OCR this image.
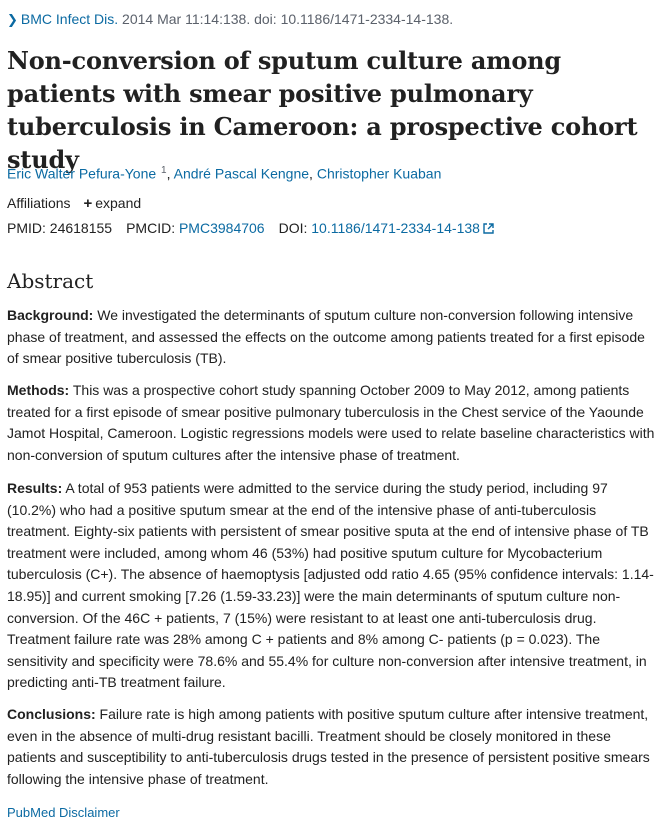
❯ BMC Infect Dis. 2014 Mar 11:14:138. doi: 10.1186/1471-2334-14-138.
Non-conversion of sputum culture among patients with smear positive pulmonary tuberculosis in Cameroon: a prospective cohort study
Eric Walter Pefura-Yone $^1$, André Pascal Kengne, Christopher Kuaban
Affiliations + expand
PMID: 24618155 PMCID: PMC3984706 DOI: 10.1186/1471-2334-14-138
Abstract

Background: We investigated the determinants of sputum culture non-conversion following intensive phase of treatment, and assessed the effects on the outcome among patients treated for a first episode of smear positive tuberculosis (TB).

Methods: This was a prospective cohort study spanning October 2009 to May 2012, among patients treated for a first episode of smear positive pulmonary tuberculosis in the Chest service of the Yaounde Jamot Hospital, Cameroon. Logistic regressions models were used to relate baseline characteristics with non-conversion of sputum cultures after the intensive phase of treatment.

Results: A total of 953 patients were admitted to the service during the study period, including 97 (10.2%) who had a positive sputum smear at the end of the intensive phase of anti-tuberculosis treatment. Eighty-six patients with persistent of smear positive sputa at the end of intensive phase of TB treatment were included, among whom 46 (53%) had positive sputum culture for Mycobacterium tuberculosis (C+). The absence of haemoptysis [adjusted odd ratio 4.65 (95% confidence intervals: 1.14-18.95)] and current smoking [7.26 (1.59-33.23)] were the main determinants of sputum culture non-conversion. Of the 46C + patients, 7 (15%) were resistant to at least one anti-tuberculosis drug. Treatment failure rate was 28% among C + patients and 8% among C- patients (p = 0.023). The sensitivity and specificity were 78.6% and 55.4% for culture non-conversion after intensive treatment, in predicting anti-TB treatment failure.

Conclusions: Failure rate is high among patients with positive sputum culture after intensive treatment, even in the absence of multi-drug resistant bacilli. Treatment should be closely monitored in these patients and susceptibility to anti-tuberculosis drugs tested in the presence of persistent positive smears following the intensive phase of treatment.

PubMed Disclaimer
